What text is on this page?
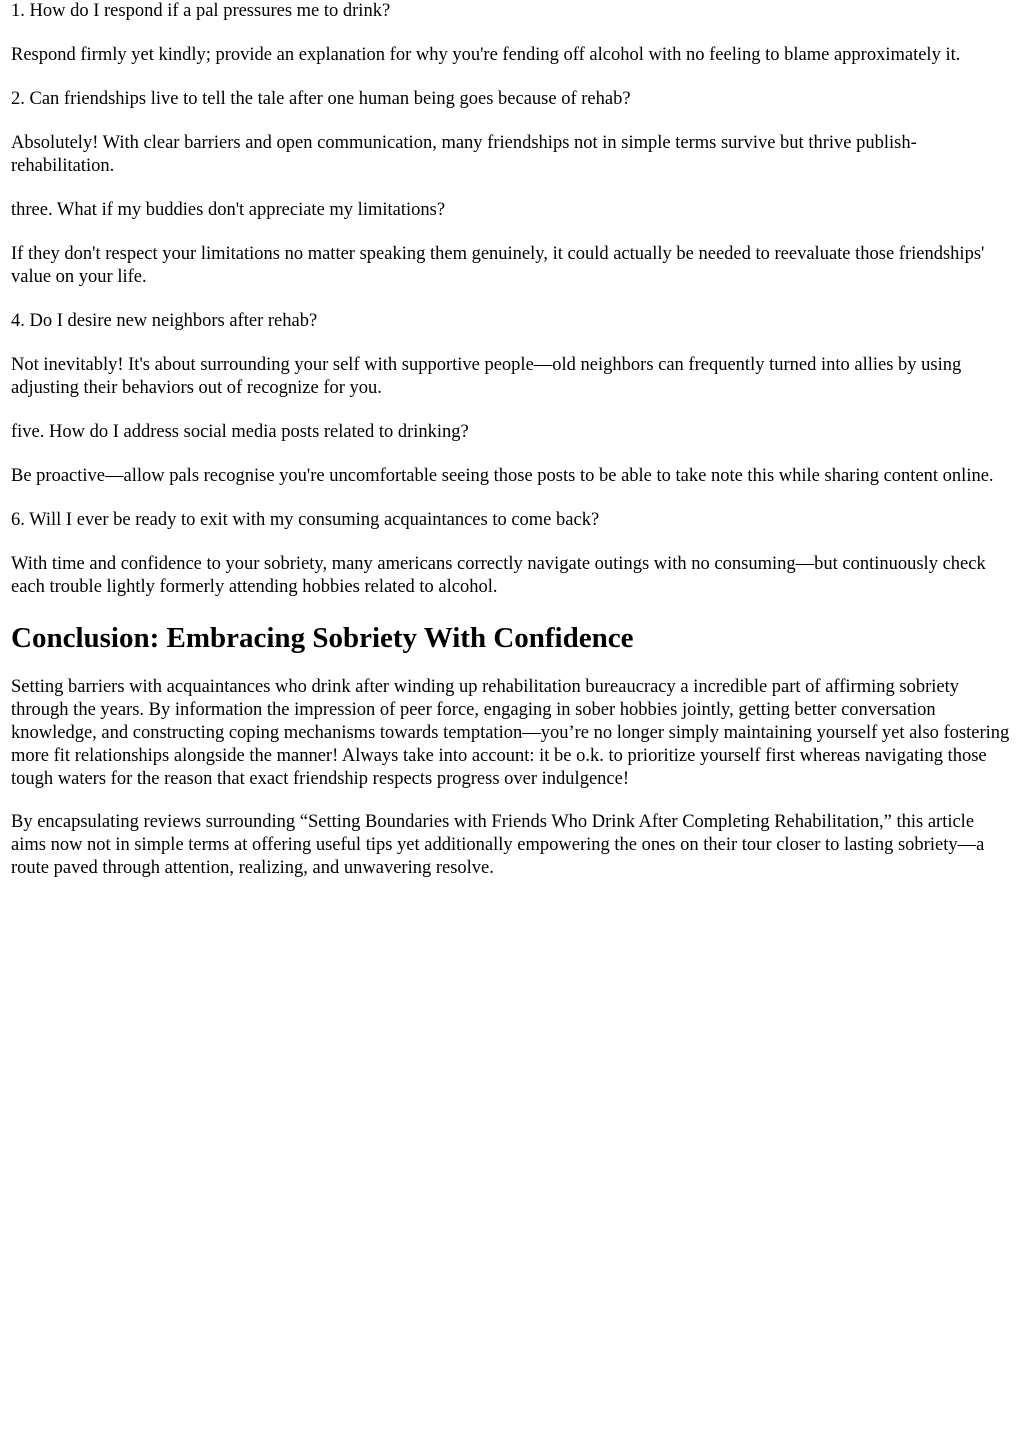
1. How do I respond if a pal pressures me to drink?

Respond firmly yet kindly; provide an explanation for why you're fending off alcohol with no feeling to blame approximately it.

2. Can friendships live to tell the tale after one human being goes because of rehab?

Absolutely! With clear barriers and open communication, many friendships not in simple terms survive but thrive publish-rehabilitation.

three. What if my buddies don't appreciate my limitations?

If they don't respect your limitations no matter speaking them genuinely, it could actually be needed to reevaluate those friendships' value on your life.

4. Do I desire new neighbors after rehab?

Not inevitably! It's about surrounding your self with supportive people—old neighbors can frequently turned into allies by using adjusting their behaviors out of recognize for you.

five. How do I address social media posts related to drinking?

Be proactive—allow pals recognise you're uncomfortable seeing those posts to be able to take note this while sharing content online.

6. Will I ever be ready to exit with my consuming acquaintances to come back?

With time and confidence to your sobriety, many americans correctly navigate outings with no consuming—but continuously check each trouble lightly formerly attending hobbies related to alcohol.

Conclusion: Embracing Sobriety With Confidence

Setting barriers with acquaintances who drink after winding up rehabilitation bureaucracy a incredible part of affirming sobriety through the years. By information the impression of peer force, engaging in sober hobbies jointly, getting better conversation knowledge, and constructing coping mechanisms towards temptation—you’re no longer simply maintaining yourself yet also fostering more fit relationships alongside the manner! Always take into account: it be o.k. to prioritize yourself first whereas navigating those tough waters for the reason that exact friendship respects progress over indulgence!

By encapsulating reviews surrounding “Setting Boundaries with Friends Who Drink After Completing Rehabilitation,” this article aims now not in simple terms at offering useful tips yet additionally empowering the ones on their tour closer to lasting sobriety—a route paved through attention, realizing, and unwavering resolve.
